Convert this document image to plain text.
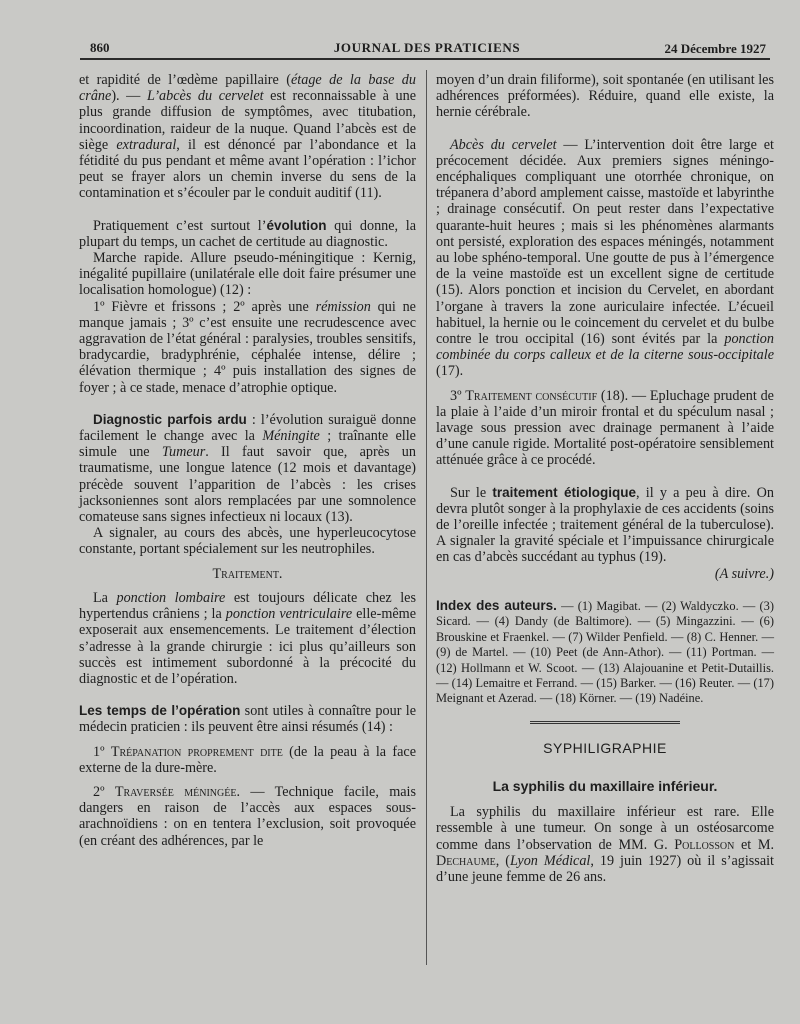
860	JOURNAL DES PRATICIENS	24 Décembre 1927

et rapidité de l’œdème papillaire (étage de la base du crâne). — L’abcès du cervelet est reconnaissable à une plus grande diffusion de symptômes, avec titubation, incoordination, raideur de la nuque. Quand l’abcès est de siège extradural, il est dénoncé par l’abondance et la fétidité du pus pendant et même avant l’opération : l’ichor peut se frayer alors un chemin inverse du sens de la contamination et s’écouler par le conduit auditif (11).

Pratiquement c’est surtout l’évolution qui donne, la plupart du temps, un cachet de certitude au diagnostic.

Marche rapide. Allure pseudo-méningitique : Kernig, inégalité pupillaire (unilatérale elle doit faire présumer une localisation homologue) (12) :

1º Fièvre et frissons ; 2º après une rémission qui ne manque jamais ; 3º c’est ensuite une recrudescence avec aggravation de l’état général : paralysies, troubles sensitifs, bradycardie, bradyphrénie, céphalée intense, délire ; élévation thermique ; 4º puis installation des signes de foyer ; à ce stade, menace d’atrophie optique.

Diagnostic parfois ardu : l’évolution suraiguë donne facilement le change avec la Méningite ; traînante elle simule une Tumeur. Il faut savoir que, après un traumatisme, une longue latence (12 mois et davantage) précède souvent l’apparition de l’abcès : les crises jacksoniennes sont alors remplacées par une somnolence comateuse sans signes infectieux ni locaux (13).

A signaler, au cours des abcès, une hyperleucocytose constante, portant spécialement sur les neutrophiles.

Traitement.

La ponction lombaire est toujours délicate chez les hypertendus crâniens ; la ponction ventriculaire elle-même exposerait aux ensemencements. Le traitement d’élection s’adresse à la grande chirurgie : ici plus qu’ailleurs son succès est intimement subordonné à la précocité du diagnostic et de l’opération.

Les temps de l’opération sont utiles à connaître pour le médecin praticien : ils peuvent être ainsi résumés (14) :

1º Trépanation proprement dite (de la peau à la face externe de la dure-mère.

2º Traversée méningée. — Technique facile, mais dangers en raison de l’accès aux espaces sous-arachnoïdiens : on en tentera l’exclusion, soit provoquée (en créant des adhérences, par le

moyen d’un drain filiforme), soit spontanée (en utilisant les adhérences préformées). Réduire, quand elle existe, la hernie cérébrale.

Abcès du cervelet — L’intervention doit être large et précocement décidée. Aux premiers signes méningo-encéphaliques compliquant une otorrhée chronique, on trépanera d’abord amplement caisse, mastoïde et labyrinthe ; drainage consécutif. On peut rester dans l’expectative quarante-huit heures ; mais si les phénomènes alarmants ont persisté, exploration des espaces méningés, notamment au lobe sphéno-temporal. Une goutte de pus à l’émergence de la veine mastoïde est un excellent signe de certitude (15). Alors ponction et incision du Cervelet, en abordant l’organe à travers la zone auriculaire infectée. L’écueil habituel, la hernie ou le coincement du cervelet et du bulbe contre le trou occipital (16) sont évités par la ponction combinée du corps calleux et de la citerne sous-occipitale (17).

3º Traitement consécutif (18). — Epluchage prudent de la plaie à l’aide d’un miroir frontal et du spéculum nasal ; lavage sous pression avec drainage permanent à l’aide d’une canule rigide. Mortalité post-opératoire sensiblement atténuée grâce à ce procédé.

Sur le traitement étiologique, il y a peu à dire. On devra plutôt songer à la prophylaxie de ces accidents (soins de l’oreille infectée ; traitement général de la tuberculose). A signaler la gravité spéciale et l’impuissance chirurgicale en cas d’abcès succédant au typhus (19).

(A suivre.)

Index des auteurs. — (1) Magibat. — (2) Waldyczko. — (3) Sicard. — (4) Dandy (de Baltimore). — (5) Mingazzini. — (6) Brouskine et Fraenkel. — (7) Wilder Penfield. — (8) C. Henner. — (9) de Martel. — (10) Peet (de Ann-Athor). — (11) Portman. — (12) Hollmann et W. Scoot. — (13) Alajouanine et Petit-Dutaillis. — (14) Lemaitre et Ferrand. — (15) Barker. — (16) Reuter. — (17) Meignant et Azerad. — (18) Körner. — (19) Nadéine.

SYPHILIGRAPHIE
La syphilis du maxillaire inférieur.

La syphilis du maxillaire inférieur est rare. Elle ressemble à une tumeur. On songe à un ostéosarcome comme dans l’observation de MM. G. Pollosson et M. Dechaume, (Lyon Médical, 19 juin 1927) où il s’agissait d’une jeune femme de 26 ans.
